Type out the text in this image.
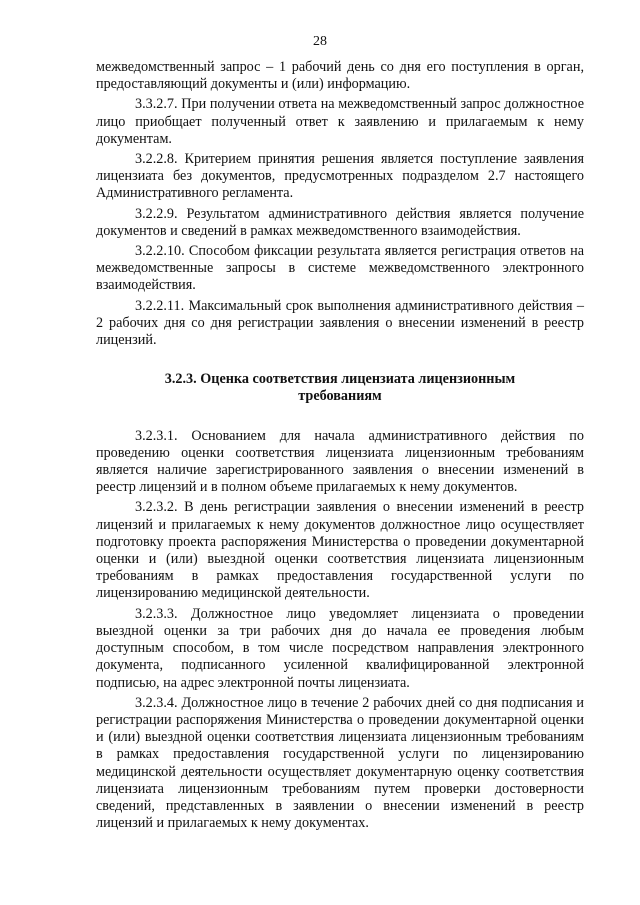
28

межведомственный запрос – 1 рабочий день со дня его поступления в орган, предоставляющий документы и (или) информацию.

3.3.2.7. При получении ответа на межведомственный запрос должностное лицо приобщает полученный ответ к заявлению и прилагаемым к нему документам.

3.2.2.8. Критерием принятия решения является поступление заявления лицензиата без документов, предусмотренных подразделом 2.7 настоящего Административного регламента.

3.2.2.9. Результатом административного действия является получение документов и сведений в рамках межведомственного взаимодействия.

3.2.2.10. Способом фиксации результата является регистрация ответов на межведомственные запросы в системе межведомственного электронного взаимодействия.

3.2.2.11. Максимальный срок выполнения административного действия – 2 рабочих дня со дня регистрации заявления о внесении изменений в реестр лицензий.

3.2.3. Оценка соответствия лицензиата лицензионным
требованиям

3.2.3.1. Основанием для начала административного действия по проведению оценки соответствия лицензиата лицензионным требованиям является наличие зарегистрированного заявления о внесении изменений в реестр лицензий и в полном объеме прилагаемых к нему документов.

3.2.3.2. В день регистрации заявления о внесении изменений в реестр лицензий и прилагаемых к нему документов должностное лицо осуществляет подготовку проекта распоряжения Министерства о проведении документарной оценки и (или) выездной оценки соответствия лицензиата лицензионным требованиям в рамках предоставления государственной услуги по лицензированию медицинской деятельности.

3.2.3.3. Должностное лицо уведомляет лицензиата о проведении выездной оценки за три рабочих дня до начала ее проведения любым доступным способом, в том числе посредством направления электронного документа, подписанного усиленной квалифицированной электронной подписью, на адрес электронной почты лицензиата.

3.2.3.4. Должностное лицо в течение 2 рабочих дней со дня подписания и регистрации распоряжения Министерства о проведении документарной оценки и (или) выездной оценки соответствия лицензиата лицензионным требованиям в рамках предоставления государственной услуги по лицензированию медицинской деятельности осуществляет документарную оценку соответствия лицензиата лицензионным требованиям путем проверки достоверности сведений, представленных в заявлении о внесении изменений в реестр лицензий и прилагаемых к нему документах.
